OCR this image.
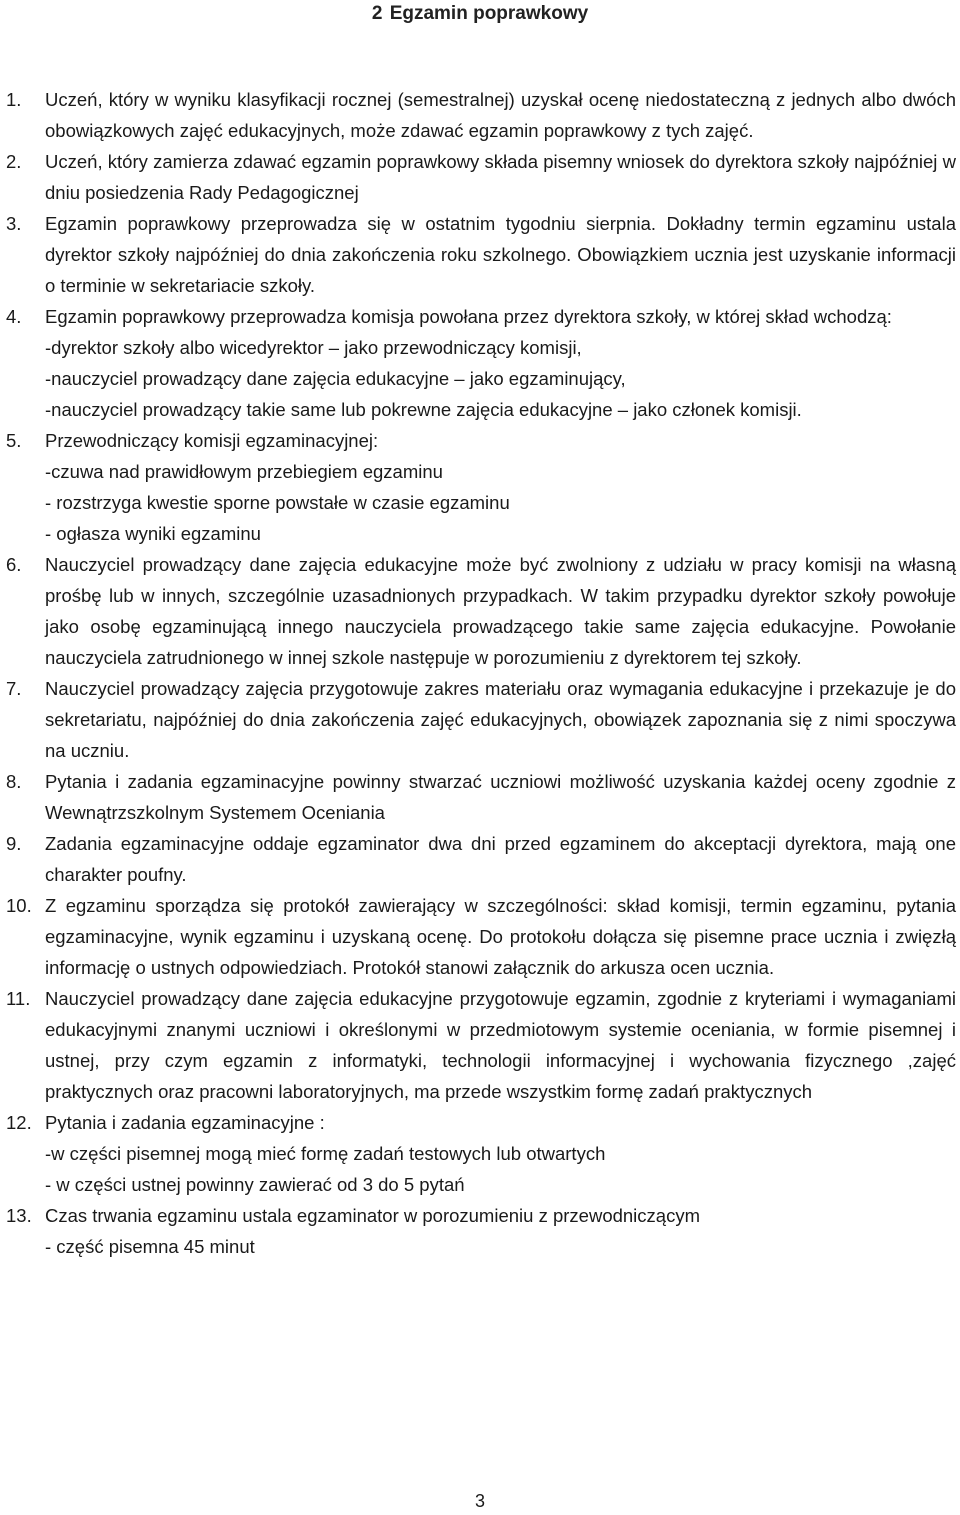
2 Egzamin poprawkowy
1.	Uczeń, który w wyniku klasyfikacji rocznej (semestralnej) uzyskał ocenę niedostateczną z jednych albo dwóch obowiązkowych zajęć edukacyjnych, może zdawać egzamin poprawkowy z tych zajęć.
2.	Uczeń, który zamierza zdawać egzamin poprawkowy składa pisemny wniosek do dyrektora szkoły najpóźniej w dniu posiedzenia Rady Pedagogicznej
3.	Egzamin poprawkowy przeprowadza się w ostatnim tygodniu sierpnia. Dokładny termin egzaminu ustala dyrektor szkoły najpóźniej do dnia zakończenia roku szkolnego. Obowiązkiem ucznia jest uzyskanie informacji o terminie w sekretariacie szkoły.
4.	Egzamin poprawkowy przeprowadza komisja powołana przez dyrektora szkoły, w której skład wchodzą:
-dyrektor szkoły albo wicedyrektor – jako przewodniczący komisji,
-nauczyciel prowadzący dane zajęcia edukacyjne – jako egzaminujący,
-nauczyciel prowadzący takie same lub pokrewne zajęcia edukacyjne – jako członek komisji.
5.	Przewodniczący komisji egzaminacyjnej:
-czuwa nad prawidłowym przebiegiem egzaminu
- rozstrzyga kwestie sporne powstałe w czasie egzaminu
- ogłasza wyniki egzaminu
6.	Nauczyciel prowadzący dane zajęcia edukacyjne może być zwolniony z udziału w pracy komisji na własną prośbę lub w innych, szczególnie uzasadnionych przypadkach. W takim przypadku dyrektor szkoły powołuje jako osobę egzaminującą innego nauczyciela prowadzącego takie same zajęcia edukacyjne. Powołanie nauczyciela zatrudnionego w innej szkole następuje w porozumieniu z dyrektorem tej szkoły.
7.	Nauczyciel prowadzący zajęcia przygotowuje zakres materiału oraz wymagania edukacyjne i przekazuje je do sekretariatu, najpóźniej do dnia zakończenia zajęć edukacyjnych, obowiązek zapoznania się z nimi spoczywa na uczniu.
8.	Pytania i zadania egzaminacyjne powinny stwarzać uczniowi możliwość uzyskania każdej oceny zgodnie z Wewnątrzszkolnym Systemem Oceniania
9.	Zadania egzaminacyjne oddaje egzaminator dwa dni przed egzaminem do akceptacji dyrektora, mają one charakter poufny.
10. Z egzaminu sporządza się protokół zawierający w szczególności: skład komisji, termin egzaminu, pytania egzaminacyjne, wynik egzaminu i uzyskaną ocenę. Do protokołu dołącza się pisemne prace ucznia i zwięzłą informację o ustnych odpowiedziach. Protokół stanowi załącznik do arkusza ocen ucznia.
11. Nauczyciel prowadzący dane zajęcia edukacyjne przygotowuje egzamin, zgodnie z kryteriami i wymaganiami edukacyjnymi znanymi uczniowi i określonymi w przedmiotowym systemie oceniania, w formie pisemnej i ustnej, przy czym egzamin z informatyki, technologii informacyjnej i wychowania fizycznego ,zajęć praktycznych oraz pracowni laboratoryjnych, ma przede wszystkim formę zadań praktycznych
12. Pytania i zadania egzaminacyjne :
-w części pisemnej mogą mieć formę zadań testowych lub otwartych
- w części ustnej powinny zawierać od 3 do 5 pytań
13. Czas trwania egzaminu ustala egzaminator w porozumieniu z przewodniczącym
- część pisemna 45 minut
3
